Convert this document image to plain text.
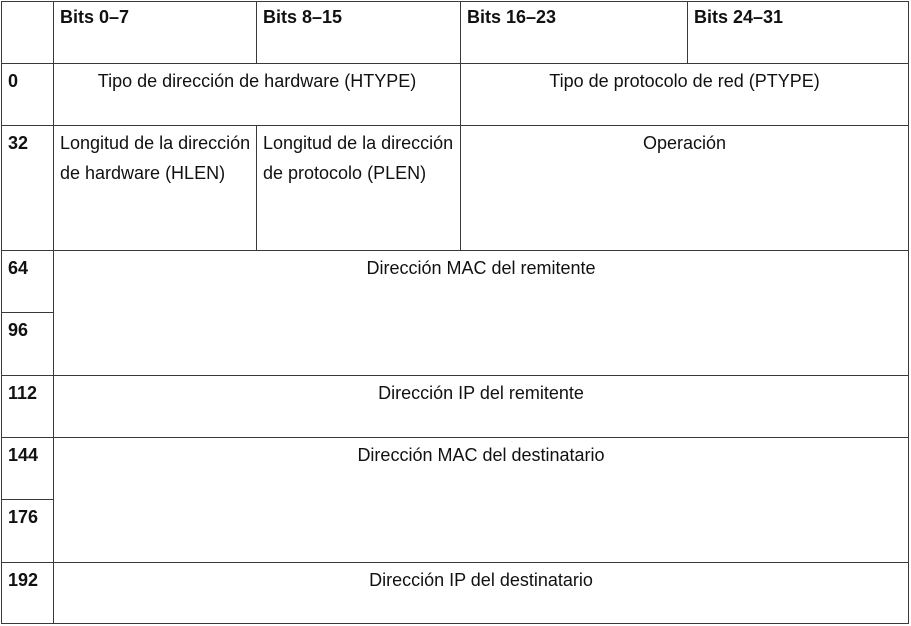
	Bits 0–7	Bits 8–15	Bits 16–23	Bits 24–31
0	Tipo de dirección de hardware (HTYPE)		Tipo de protocolo de red (PTYPE)	
32	Longitud de la dirección de hardware (HLEN)	Longitud de la dirección de protocolo (PLEN)	Operación	
64	Dirección MAC del remitente			
96				
112	Dirección IP del remitente			
144	Dirección MAC del destinatario			
176				
192	Dirección IP del destinatario			
